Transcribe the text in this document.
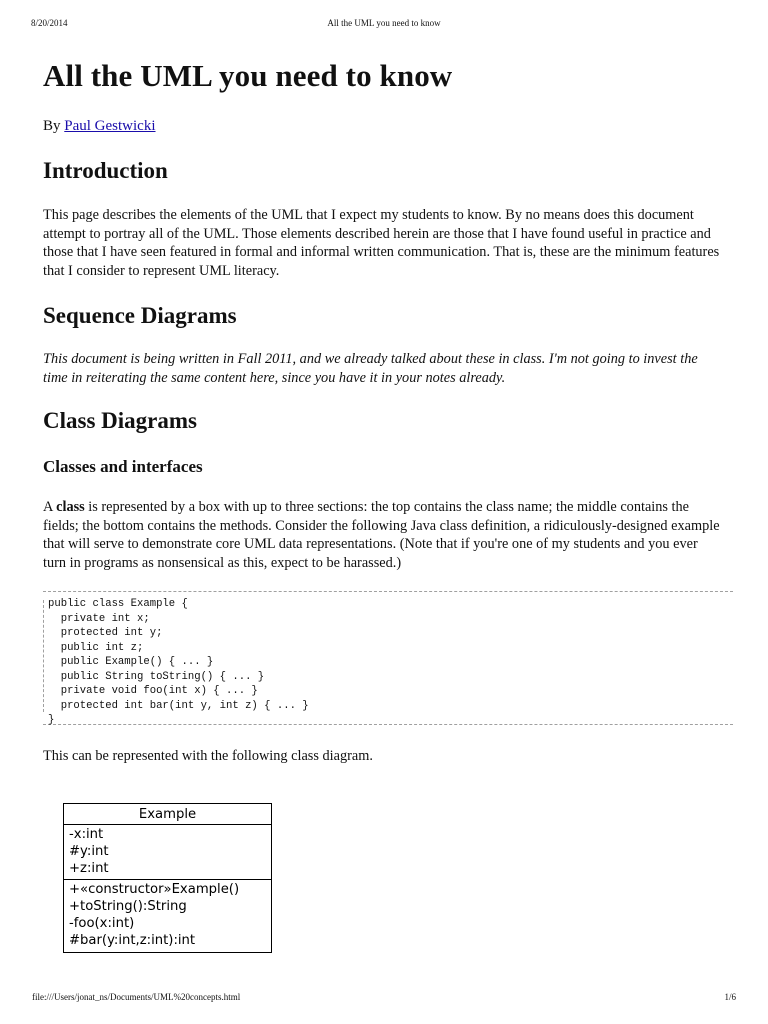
8/20/2014	All the UML you need to know
All the UML you need to know
By Paul Gestwicki
Introduction

This page describes the elements of the UML that I expect my students to know. By no means does this document attempt to portray all of the UML. Those elements described herein are those that I have found useful in practice and those that I have seen featured in formal and informal written communication. That is, these are the minimum features that I consider to represent UML literacy.

Sequence Diagrams

This document is being written in Fall 2011, and we already talked about these in class. I'm not going to invest the time in reiterating the same content here, since you have it in your notes already.

Class Diagrams
Classes and interfaces

A class is represented by a box with up to three sections: the top contains the class name; the middle contains the fields; the bottom contains the methods. Consider the following Java class definition, a ridiculously-designed example that will serve to demonstrate core UML data representations. (Note that if you're one of my students and you ever turn in programs as nonsensical as this, expect to be harassed.)

public class Example {
private int x;
protected int y;
public int z;
public Example() { ... }
public String toString() { ... }
private void foo(int x) { ... }
protected int bar(int y, int z) { ... }
}

This can be represented with the following class diagram.

Example
-x:int
#y:int
+z:int
+«constructor»Example()
+toString():String
-foo(x:int)
#bar(y:int,z:int):int
file:///Users/jonat_ns/Documents/UML%20concepts.html	1/6
